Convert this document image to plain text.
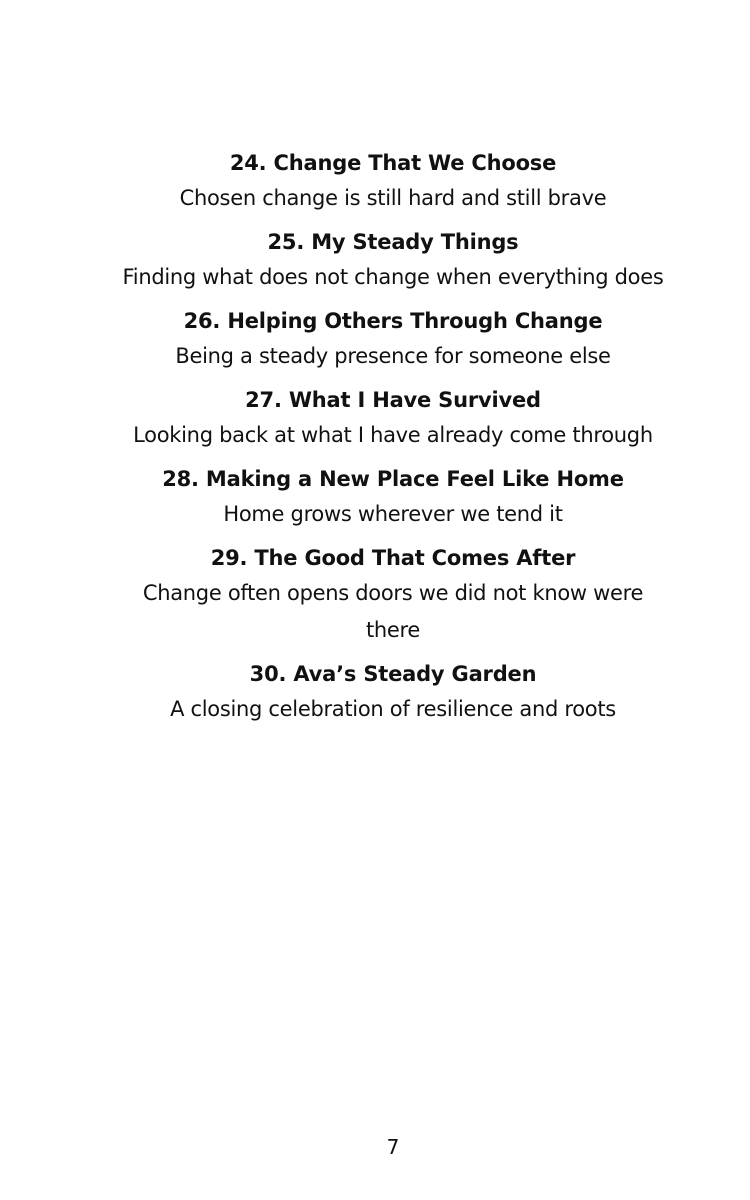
24. Change That We Choose
Chosen change is still hard and still brave
25. My Steady Things
Finding what does not change when everything does
26. Helping Others Through Change
Being a steady presence for someone else
27. What I Have Survived
Looking back at what I have already come through
28. Making a New Place Feel Like Home
Home grows wherever we tend it
29. The Good That Comes After
Change often opens doors we did not know were there
30. Ava’s Steady Garden
A closing celebration of resilience and roots
7
